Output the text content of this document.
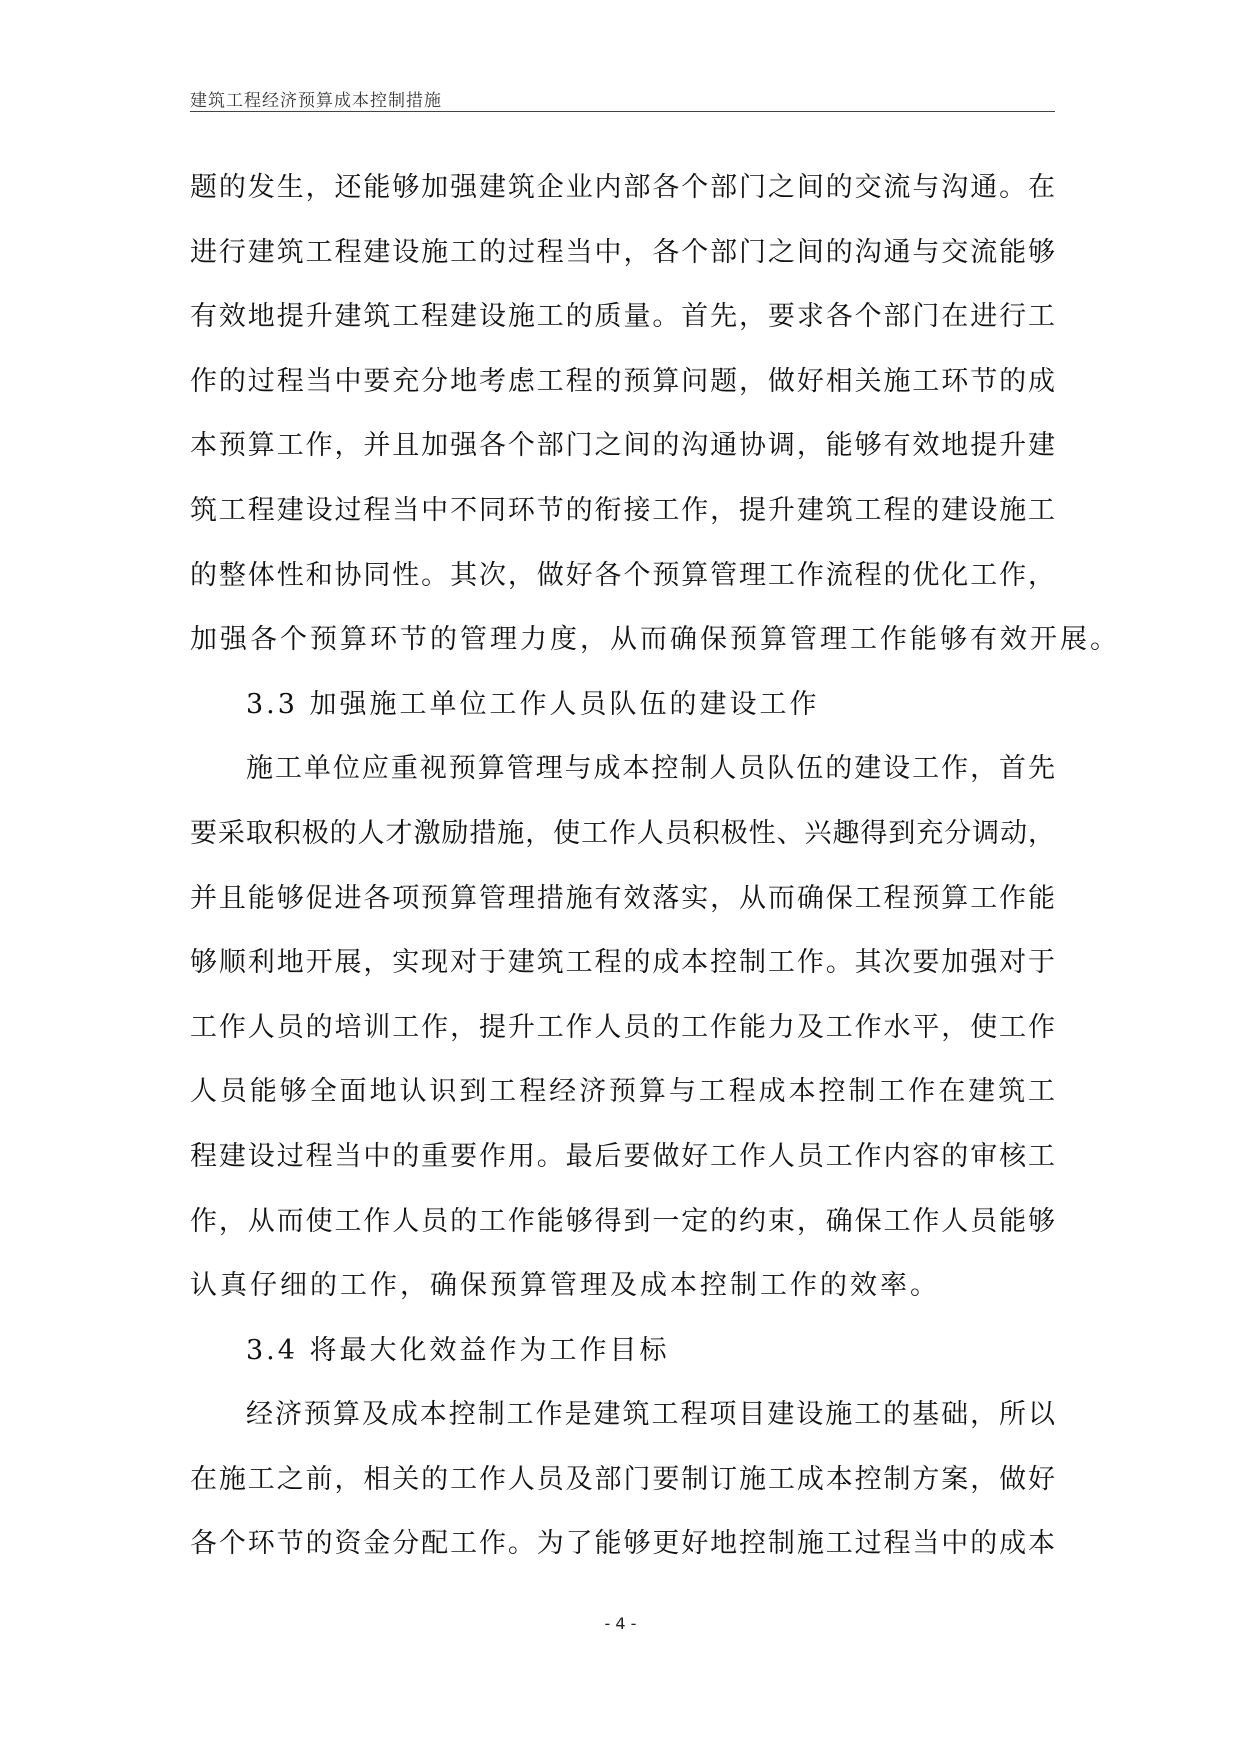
建筑工程经济预算成本控制措施
题的发生，还能够加强建筑企业内部各个部门之间的交流与沟通。在
进行建筑工程建设施工的过程当中，各个部门之间的沟通与交流能够
有效地提升建筑工程建设施工的质量。首先，要求各个部门在进行工
作的过程当中要充分地考虑工程的预算问题，做好相关施工环节的成
本预算工作，并且加强各个部门之间的沟通协调，能够有效地提升建
筑工程建设过程当中不同环节的衔接工作，提升建筑工程的建设施工
的整体性和协同性。其次，做好各个预算管理工作流程的优化工作，
加强各个预算环节的管理力度，从而确保预算管理工作能够有效开展。
3.3 加强施工单位工作人员队伍的建设工作
施工单位应重视预算管理与成本控制人员队伍的建设工作，首先
要采取积极的人才激励措施，使工作人员积极性、兴趣得到充分调动，
并且能够促进各项预算管理措施有效落实，从而确保工程预算工作能
够顺利地开展，实现对于建筑工程的成本控制工作。其次要加强对于
工作人员的培训工作，提升工作人员的工作能力及工作水平，使工作
人员能够全面地认识到工程经济预算与工程成本控制工作在建筑工
程建设过程当中的重要作用。最后要做好工作人员工作内容的审核工
作，从而使工作人员的工作能够得到一定的约束，确保工作人员能够
认真仔细的工作，确保预算管理及成本控制工作的效率。
3.4 将最大化效益作为工作目标
经济预算及成本控制工作是建筑工程项目建设施工的基础，所以
在施工之前，相关的工作人员及部门要制订施工成本控制方案，做好
各个环节的资金分配工作。为了能够更好地控制施工过程当中的成本
- 4 -
